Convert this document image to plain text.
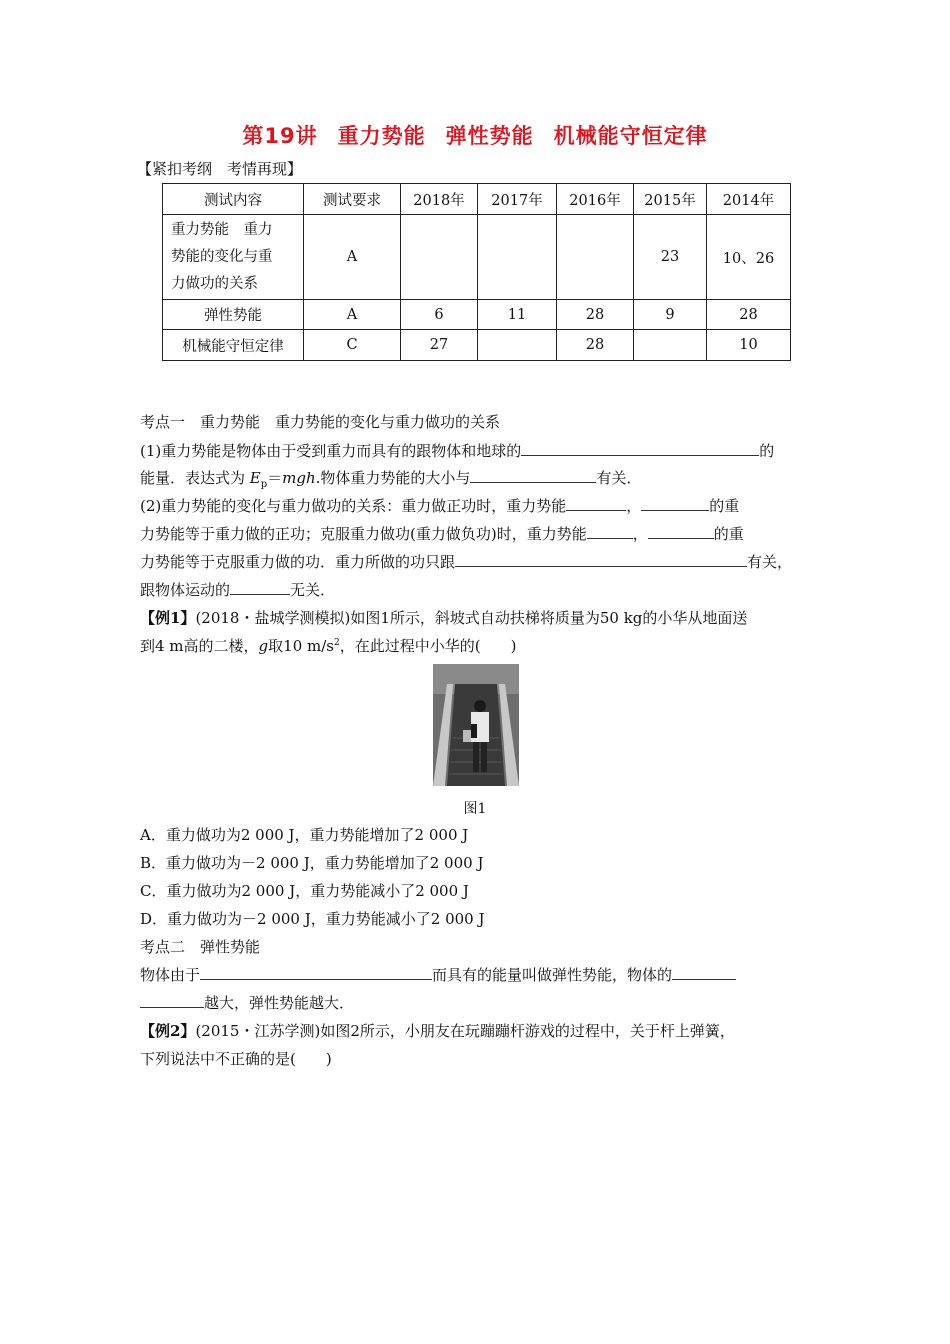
第19讲 重力势能 弹性势能 机械能守恒定律
【紧扣考纲　考情再现】
测试内容	测试要求	2018年	2017年	2016年	2015年	2014年

重力势能　重力
势能的变化与重
力做功的关系	A				23	10、26
弹性势能	A	6	11	28	9	28
机械能守恒定律	C	27		28		10
考点一　重力势能　重力势能的变化与重力做功的关系
(1)重力势能是物体由于受到重力而具有的跟物体和地球的	的
能量．表达式为 $E_p=mgh$.物体重力势能的大小与	有关．
(2)重力势能的变化与重力做功的关系：重力做正功时，重力势能	，	的重
力势能等于重力做的正功；克服重力做功(重力做负功)时，重力势能	，	的重
力势能等于克服重力做的功．重力所做的功只跟	有关，
跟物体运动的	无关．
【例1】(2018・盐城学测模拟)如图1所示，斜坡式自动扶梯将质量为50 kg的小华从地面送
到4 m高的二楼，g取10 $m/s^2$，在此过程中小华的(　　)
图1
A．重力做功为2 000 J，重力势能增加了2 000 J
B．重力做功为－2 000 J，重力势能增加了2 000 J
C．重力做功为2 000 J，重力势能减小了2 000 J
D．重力做功为－2 000 J，重力势能减小了2 000 J
考点二　弹性势能
物体由于	而具有的能量叫做弹性势能，物体的
越大，弹性势能越大．
【例2】(2015・江苏学测)如图2所示，小朋友在玩蹦蹦杆游戏的过程中，关于杆上弹簧，
下列说法中不正确的是(　　)
